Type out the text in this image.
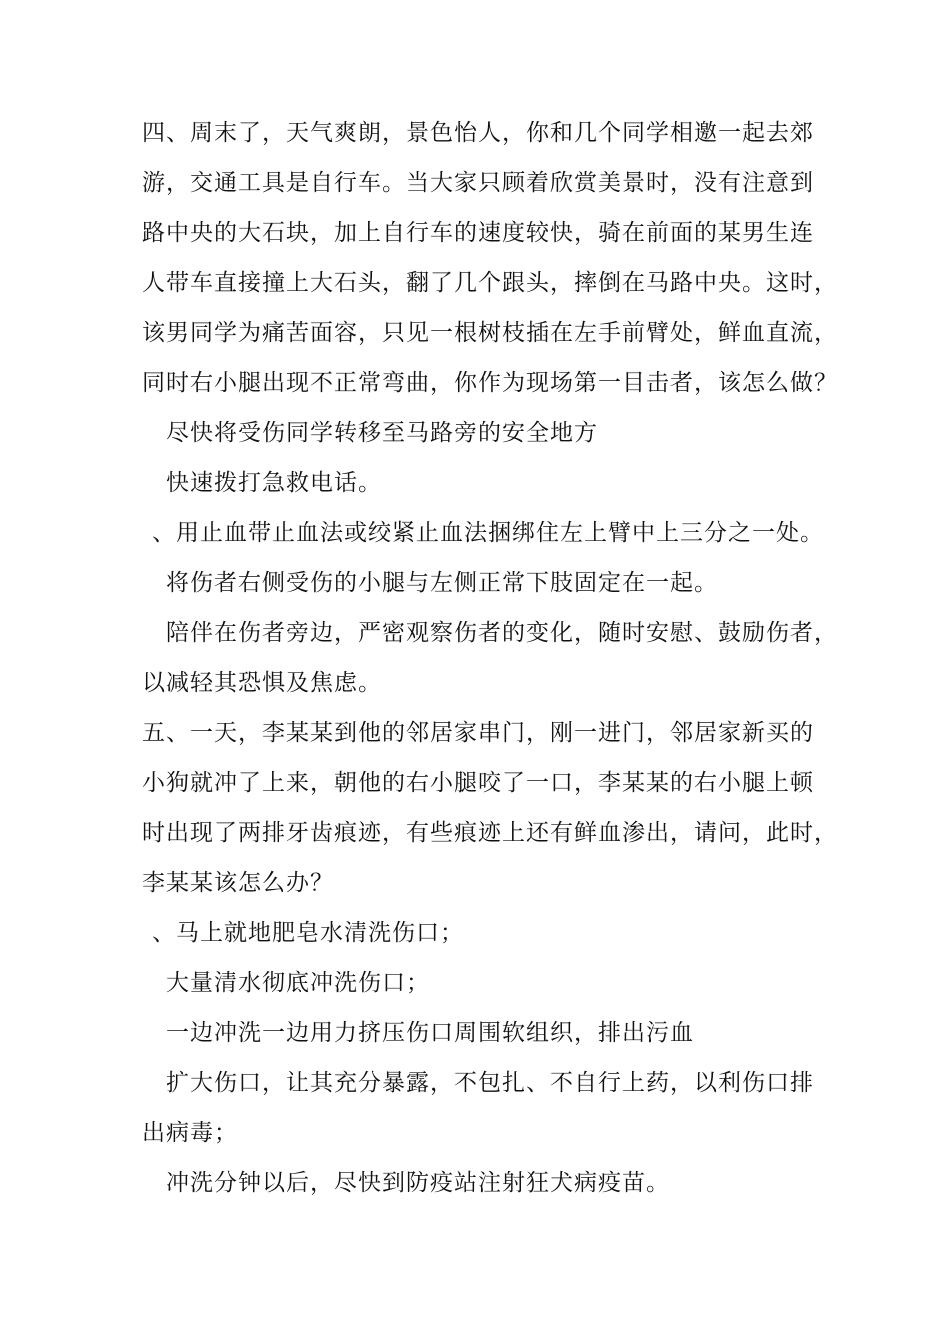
四、周末了，天气爽朗，景色怡人，你和几个同学相邀一起去郊
游，交通工具是自行车。当大家只顾着欣赏美景时，没有注意到
路中央的大石块，加上自行车的速度较快，骑在前面的某男生连
人带车直接撞上大石头，翻了几个跟头，摔倒在马路中央。这时，
该男同学为痛苦面容，只见一根树枝插在左手前臂处，鲜血直流，
同时右小腿出现不正常弯曲，你作为现场第一目击者，该怎么做？
尽快将受伤同学转移至马路旁的安全地方
快速拨打急救电话。
、用止血带止血法或绞紧止血法捆绑住左上臂中上三分之一处。
将伤者右侧受伤的小腿与左侧正常下肢固定在一起。
陪伴在伤者旁边，严密观察伤者的变化，随时安慰、鼓励伤者，
以减轻其恐惧及焦虑。
五、一天，李某某到他的邻居家串门，刚一进门，邻居家新买的
小狗就冲了上来，朝他的右小腿咬了一口，李某某的右小腿上顿
时出现了两排牙齿痕迹，有些痕迹上还有鲜血渗出，请问，此时，
李某某该怎么办？
、马上就地肥皂水清洗伤口；
大量清水彻底冲洗伤口；
一边冲洗一边用力挤压伤口周围软组织，排出污血
扩大伤口，让其充分暴露，不包扎、不自行上药，以利伤口排
出病毒；
冲洗分钟以后，尽快到防疫站注射狂犬病疫苗。
